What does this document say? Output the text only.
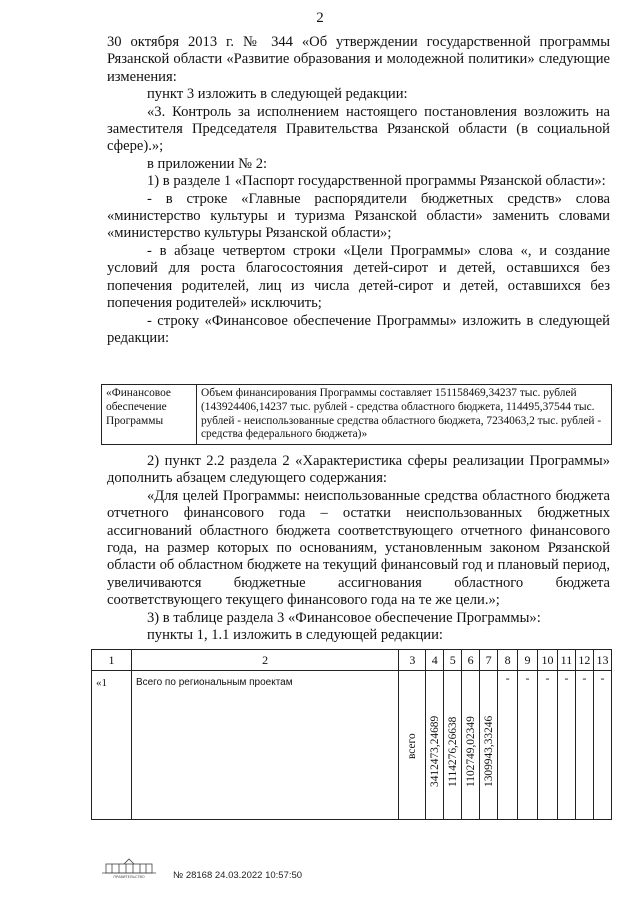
2

30 октября 2013 г. № 344 «Об утверждении государственной программы Рязанской области «Развитие образования и молодежной политики» следующие изменения:

пункт 3 изложить в следующей редакции:

«3. Контроль за исполнением настоящего постановления возложить на заместителя Председателя Правительства Рязанской области (в социальной сфере).»;

в приложении № 2:

1) в разделе 1 «Паспорт государственной программы Рязанской области»:

- в строке «Главные распорядители бюджетных средств» слова «министерство культуры и туризма Рязанской области» заменить словами «министерство культуры Рязанской области»;

- в абзаце четвертом строки «Цели Программы» слова «, и создание условий для роста благосостояния детей-сирот и детей, оставшихся без попечения родителей, лиц из числа детей-сирот и детей, оставшихся без попечения родителей» исключить;

- строку «Финансовое обеспечение Программы» изложить в следующей редакции:

«Финансовое обеспечение Программы	Объем финансирования Программы составляет 151158469,34237 тыс. рублей (143924406,14237 тыс. рублей - средства областного бюджета, 114495,37544 тыс. рублей - неиспользованные средства областного бюджета, 7234063,2 тыс. рублей - средства федерального бюджета)»

2) пункт 2.2 раздела 2 «Характеристика сферы реализации Программы» дополнить абзацем следующего содержания:

«Для целей Программы: неиспользованные средства областного бюджета отчетного финансового года – остатки неиспользованных бюджетных ассигнований областного бюджета соответствующего отчетного финансового года, на размер которых по основаниям, установленным законом Рязанской области об областном бюджете на текущий финансовый год и плановый период, увеличиваются бюджетные ассигнования областного бюджета соответствующего текущего финансового года на те же цели.»;

3) в таблице раздела 3 «Финансовое обеспечение Программы»:

пункты 1, 1.1 изложить в следующей редакции:

1	2	3	4	5	6	7	8	9	10	11	12	13
«1	Всего по региональным проектам	всего	3412473,24689	1114276,26638	1102749,02349	1309943,33246	-	-	-	-	-	-
ПРАВИТЕЛЬСТВО	№ 28168 24.03.2022 10:57:50
